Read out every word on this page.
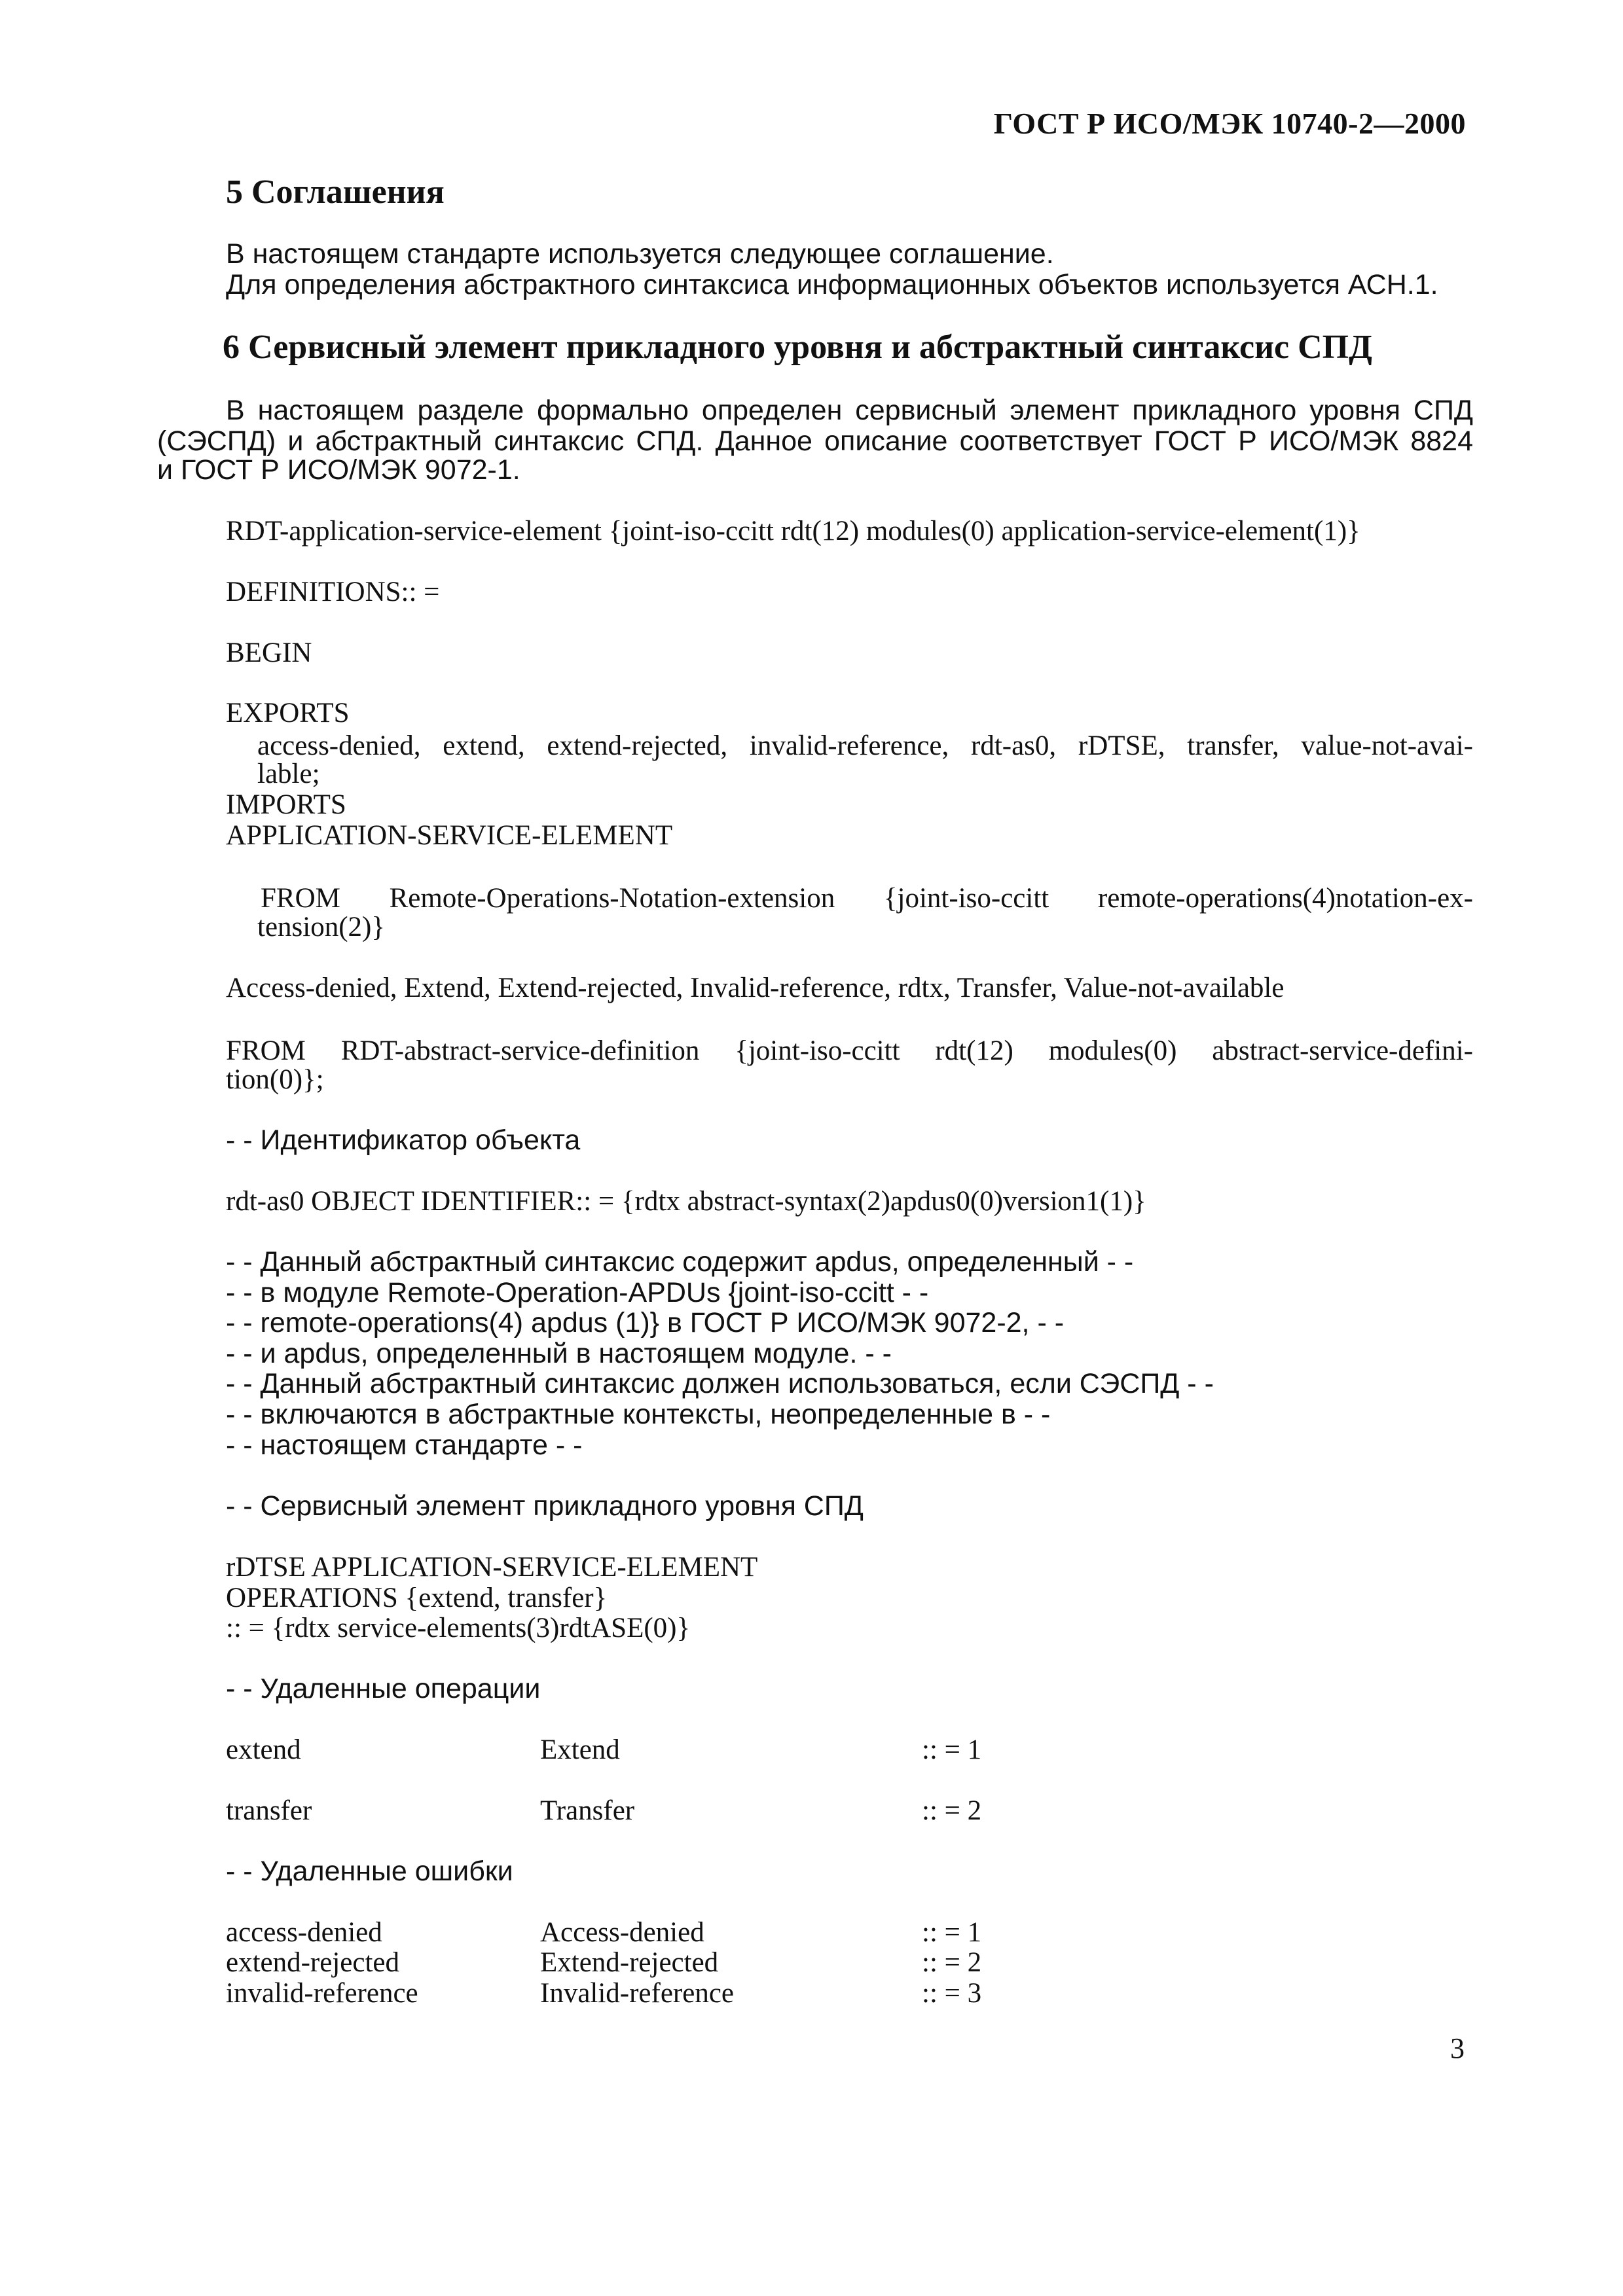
ГОСТ Р ИСО/МЭК 10740-2—2000
5 Соглашения
В настоящем стандарте используется следующее соглашение.
Для определения абстрактного синтаксиса информационных объектов используется АСН.1.
6 Сервисный элемент прикладного уровня и абстрактный синтаксис СПД
В настоящем разделе формально определен сервисный элемент прикладного уровня СПД
(СЭСПД) и абстрактный синтаксис СПД. Данное описание соответствует ГОСТ Р ИСО/МЭК 8824
и ГОСТ Р ИСО/МЭК 9072-1.
RDT-application-service-element {joint-iso-ccitt rdt(12) modules(0) application-service-element(1)}
DEFINITIONS:: =
BEGIN
EXPORTS
access-denied, extend, extend-rejected, invalid-reference, rdt-as0, rDTSE, transfer, value-not-avai-
lable;
IMPORTS
APPLICATION-SERVICE-ELEMENT
FROM Remote-Operations-Notation-extension {joint-iso-ccitt remote-operations(4)notation-ex-
tension(2)}
Access-denied, Extend, Extend-rejected, Invalid-reference, rdtx, Transfer, Value-not-available
FROM RDT-abstract-service-definition {joint-iso-ccitt rdt(12) modules(0) abstract-service-defini-
tion(0)};
- - Идентификатор объекта
rdt-as0 OBJECT IDENTIFIER:: = {rdtx abstract-syntax(2)apdus0(0)version1(1)}
- - Данный абстрактный синтаксис содержит apdus, определенный - -
- - в модуле Remote-Operation-APDUs {joint-iso-ccitt - -
- - remote-operations(4) apdus (1)} в ГОСТ Р ИСО/МЭК 9072-2, - -
- - и apdus, определенный в настоящем модуле. - -
- - Данный абстрактный синтаксис должен использоваться, если СЭСПД - -
- - включаются в абстрактные контексты, неопределенные в - -
- - настоящем стандарте - -
- - Сервисный элемент прикладного уровня СПД
rDTSE APPLICATION-SERVICE-ELEMENT
OPERATIONS {extend, transfer}
:: = {rdtx service-elements(3)rdtASE(0)}
- - Удаленные операции
extend	Extend	:: = 1
transfer	Transfer	:: = 2
- - Удаленные ошибки
access-denied	Access-denied	:: = 1
extend-rejected	Extend-rejected	:: = 2
invalid-reference	Invalid-reference	:: = 3
3
